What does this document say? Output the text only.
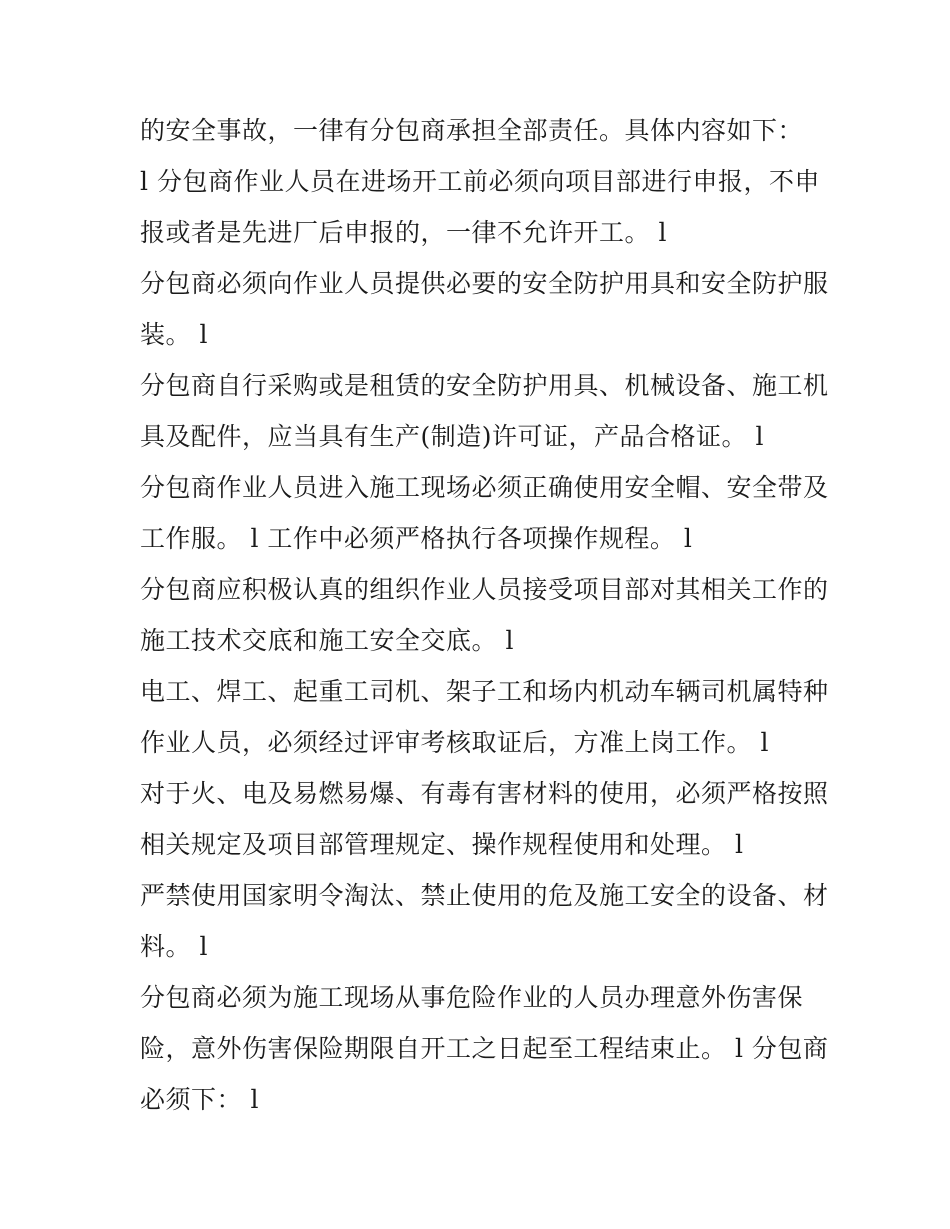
的安全事故，一律有分包商承担全部责任。具体内容如下：
l 分包商作业人员在进场开工前必须向项目部进行申报，不申
报或者是先进厂后申报的，一律不允许开工。 l
分包商必须向作业人员提供必要的安全防护用具和安全防护服
装。 l
分包商自行采购或是租赁的安全防护用具、机械设备、施工机
具及配件，应当具有生产(制造)许可证，产品合格证。 l
分包商作业人员进入施工现场必须正确使用安全帽、安全带及
工作服。 l 工作中必须严格执行各项操作规程。 l
分包商应积极认真的组织作业人员接受项目部对其相关工作的
施工技术交底和施工安全交底。 l
电工、焊工、起重工司机、架子工和场内机动车辆司机属特种
作业人员，必须经过评审考核取证后，方准上岗工作。 l
对于火、电及易燃易爆、有毒有害材料的使用，必须严格按照
相关规定及项目部管理规定、操作规程使用和处理。 l
严禁使用国家明令淘汰、禁止使用的危及施工安全的设备、材
料。 l
分包商必须为施工现场从事危险作业的人员办理意外伤害保
险，意外伤害保险期限自开工之日起至工程结束止。 l 分包商
必须下： l
